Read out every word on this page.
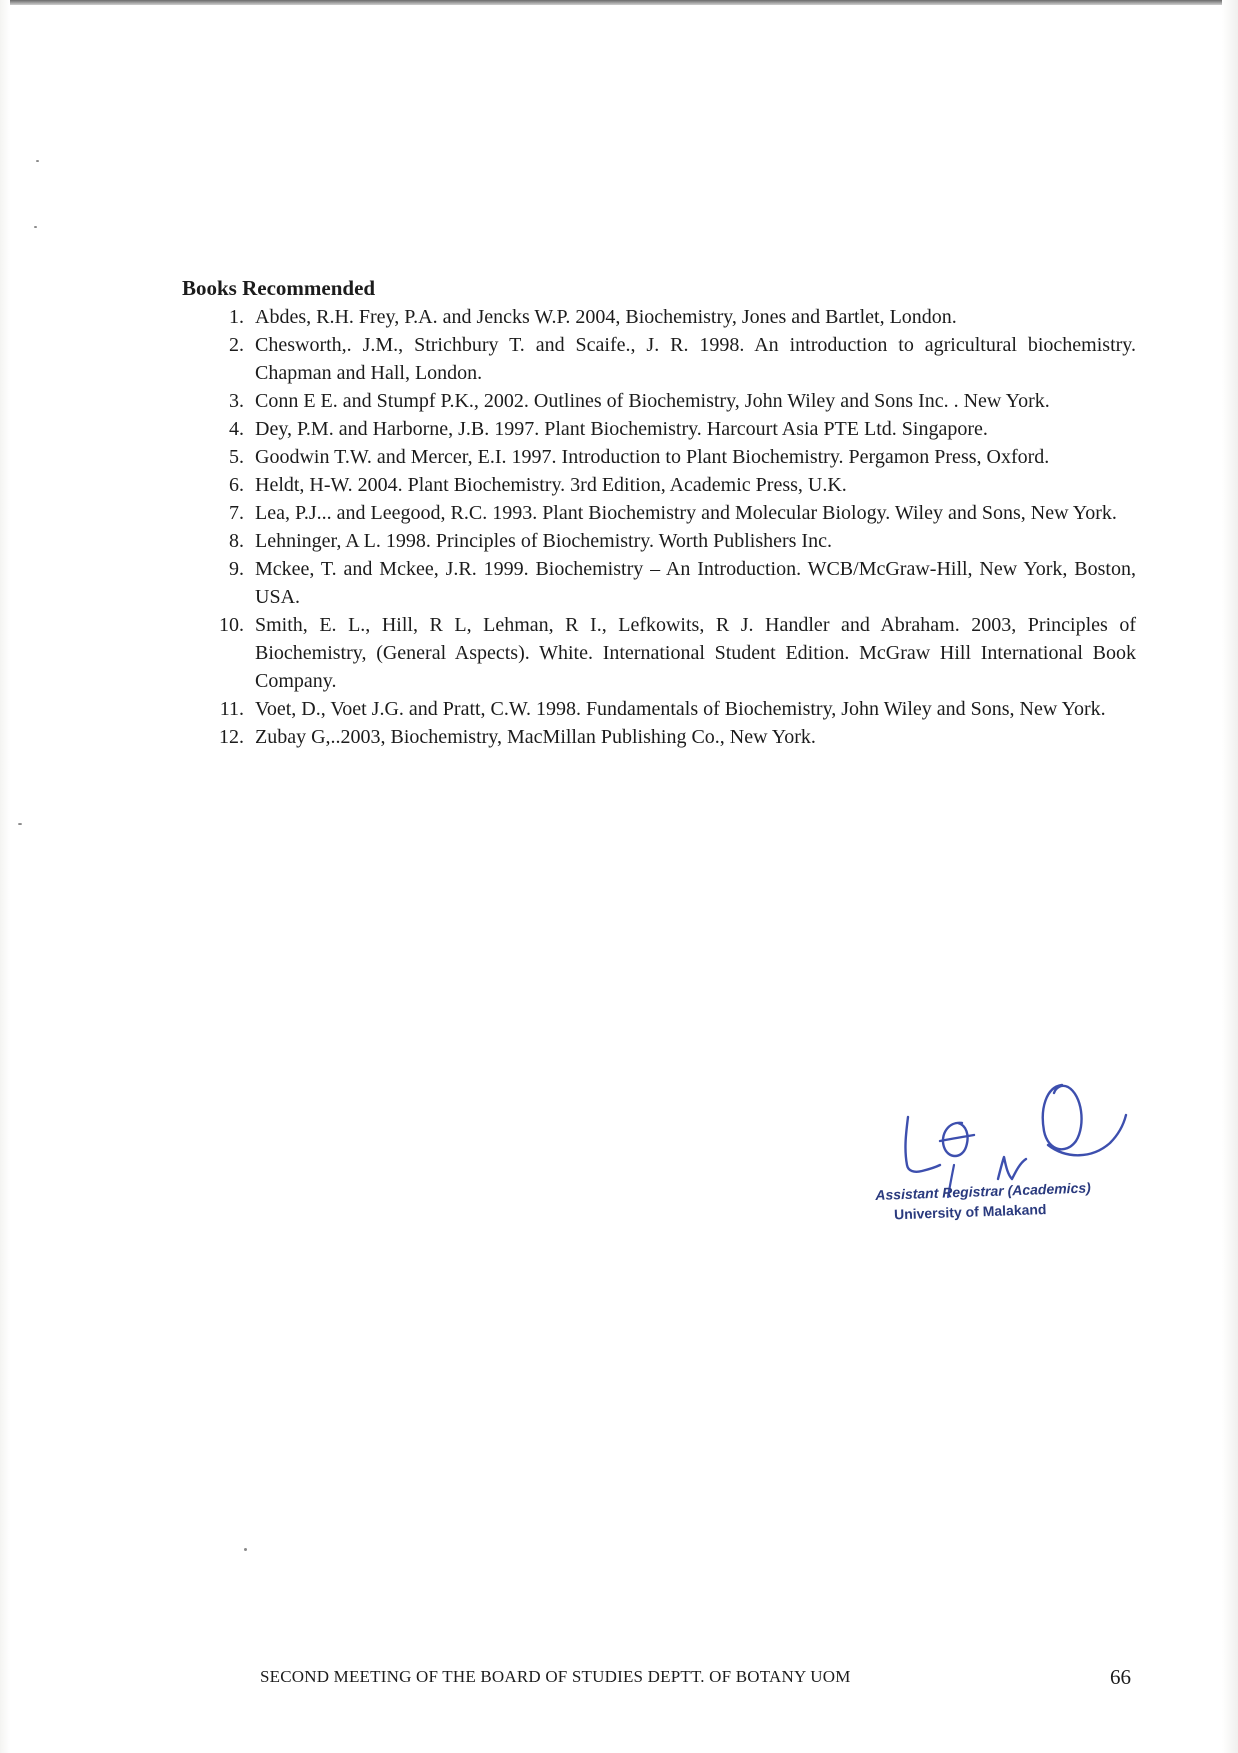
Books Recommended
1. Abdes, R.H. Frey, P.A. and Jencks W.P. 2004, Biochemistry, Jones and Bartlet, London.
2. Chesworth,. J.M., Strichbury T. and Scaife., J. R. 1998. An introduction to agricultural biochemistry. Chapman and Hall, London.
3. Conn E E. and Stumpf P.K., 2002. Outlines of Biochemistry, John Wiley and Sons Inc. . New York.
4. Dey, P.M. and Harborne, J.B. 1997. Plant Biochemistry. Harcourt Asia PTE Ltd. Singapore.
5. Goodwin T.W. and Mercer, E.I. 1997. Introduction to Plant Biochemistry. Pergamon Press, Oxford.
6. Heldt, H-W. 2004. Plant Biochemistry. 3rd Edition, Academic Press, U.K.
7. Lea, P.J... and Leegood, R.C. 1993. Plant Biochemistry and Molecular Biology. Wiley and Sons, New York.
8. Lehninger, A L. 1998. Principles of Biochemistry. Worth Publishers Inc.
9. Mckee, T. and Mckee, J.R. 1999. Biochemistry – An Introduction. WCB/McGraw-Hill, New York, Boston, USA.
10. Smith, E. L., Hill, R L, Lehman, R I., Lefkowits, R J. Handler and Abraham. 2003, Principles of Biochemistry, (General Aspects). White. International Student Edition. McGraw Hill International Book Company.
11. Voet, D., Voet J.G. and Pratt, C.W. 1998. Fundamentals of Biochemistry, John Wiley and Sons, New York.
12. Zubay G,..2003, Biochemistry, MacMillan Publishing Co., New York.
Assistant Registrar (Academics)
University of Malakand
SECOND MEETING OF THE BOARD OF STUDIES DEPTT. OF BOTANY UOM	66
